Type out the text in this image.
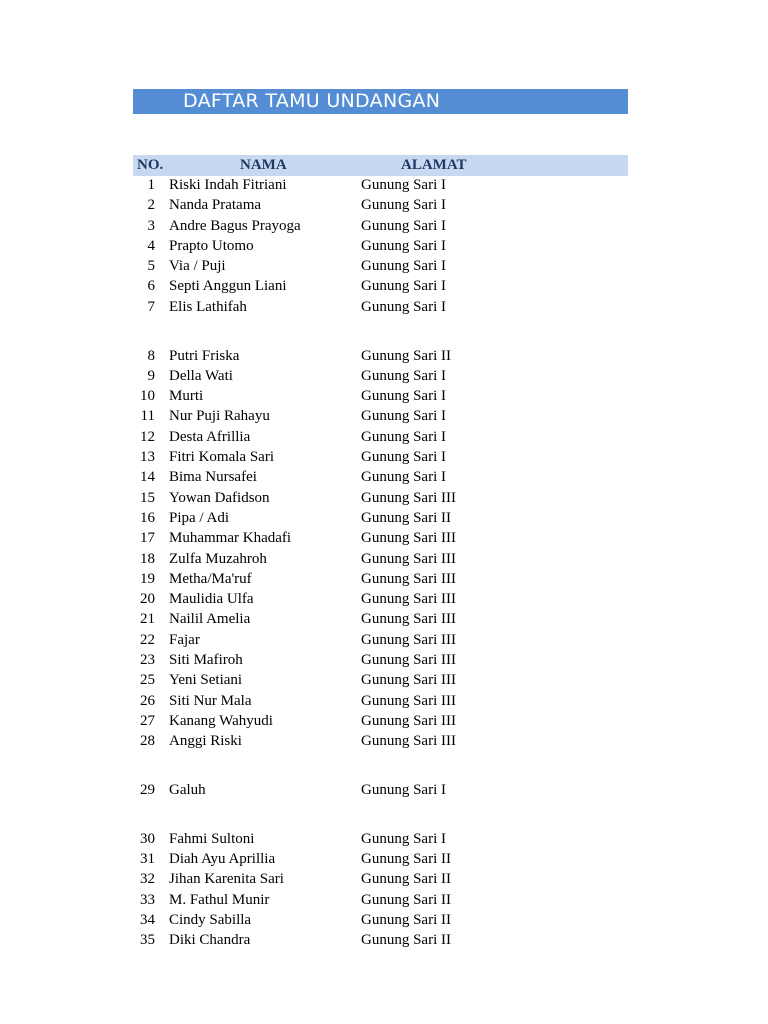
DAFTAR TAMU UNDANGAN
NO.	NAMA	ALAMAT
1 Riski Indah Fitriani	Gunung Sari I
2 Nanda Pratama	Gunung Sari I
3 Andre Bagus Prayoga	Gunung Sari I
4 Prapto Utomo	Gunung Sari I
5 Via / Puji	Gunung Sari I
6 Septi Anggun Liani	Gunung Sari I
7 Elis Lathifah	Gunung Sari I
8 Putri Friska	Gunung Sari II
9 Della Wati	Gunung Sari I
10 Murti	Gunung Sari I
11 Nur Puji Rahayu	Gunung Sari I
12 Desta Afrillia	Gunung Sari I
13 Fitri Komala Sari	Gunung Sari I
14 Bima Nursafei	Gunung Sari I
15 Yowan Dafidson	Gunung Sari III
16 Pipa / Adi	Gunung Sari II
17 Muhammar Khadafi	Gunung Sari III
18 Zulfa Muzahroh	Gunung Sari III
19 Metha/Ma'ruf	Gunung Sari III
20 Maulidia Ulfa	Gunung Sari III
21 Nailil Amelia	Gunung Sari III
22 Fajar	Gunung Sari III
23 Siti Mafiroh	Gunung Sari III
25 Yeni Setiani	Gunung Sari III
26 Siti Nur Mala	Gunung Sari III
27 Kanang Wahyudi	Gunung Sari III
28 Anggi Riski	Gunung Sari III
29 Galuh	Gunung Sari I
30 Fahmi Sultoni	Gunung Sari I
31 Diah Ayu Aprillia	Gunung Sari II
32 Jihan Karenita Sari	Gunung Sari II
33 M. Fathul Munir	Gunung Sari II
34 Cindy Sabilla	Gunung Sari II
35 Diki Chandra	Gunung Sari II
